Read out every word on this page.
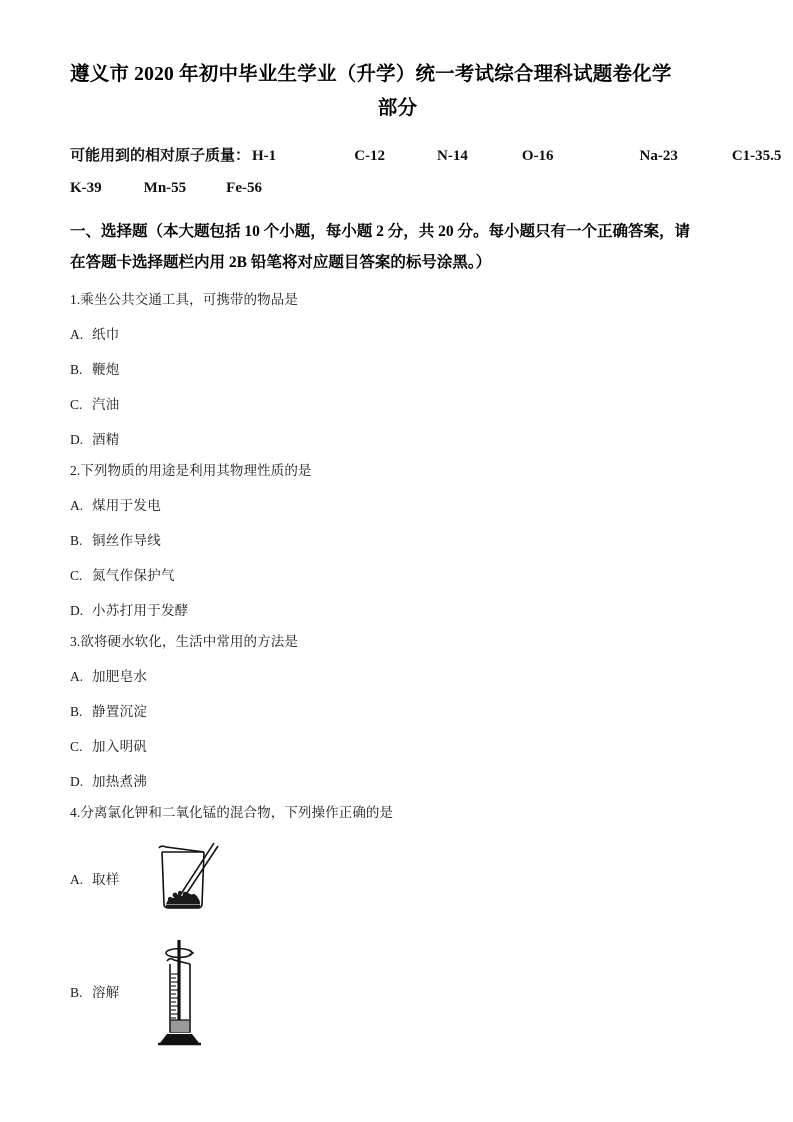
遵义市 2020 年初中毕业生学业（升学）统一考试综合理科试题卷化学
部分
可能用到的相对原子质量： H-1	C-12	N-14	O-16	Na-23	C1-35.5
K-39	Mn-55	Fe-56
一、选择题（本大题包括 10 个小题，每小题 2 分，共 20 分。每小题只有一个正确答案，请
在答题卡选择题栏内用 2B 铅笔将对应题目答案的标号涂黑。）

1.乘坐公共交通工具，可携带的物品是

A. 纸巾
B. 鞭炮
C. 汽油
D. 酒精

2.下列物质的用途是利用其物理性质的是

A. 煤用于发电
B. 铜丝作导线
C. 氮气作保护气
D. 小苏打用于发酵

3.欲将硬水软化，生活中常用的方法是

A. 加肥皂水
B. 静置沉淀
C. 加入明矾
D. 加热煮沸

4.分离氯化钾和二氧化锰的混合物，下列操作正确的是

A. 取样
B. 溶解
